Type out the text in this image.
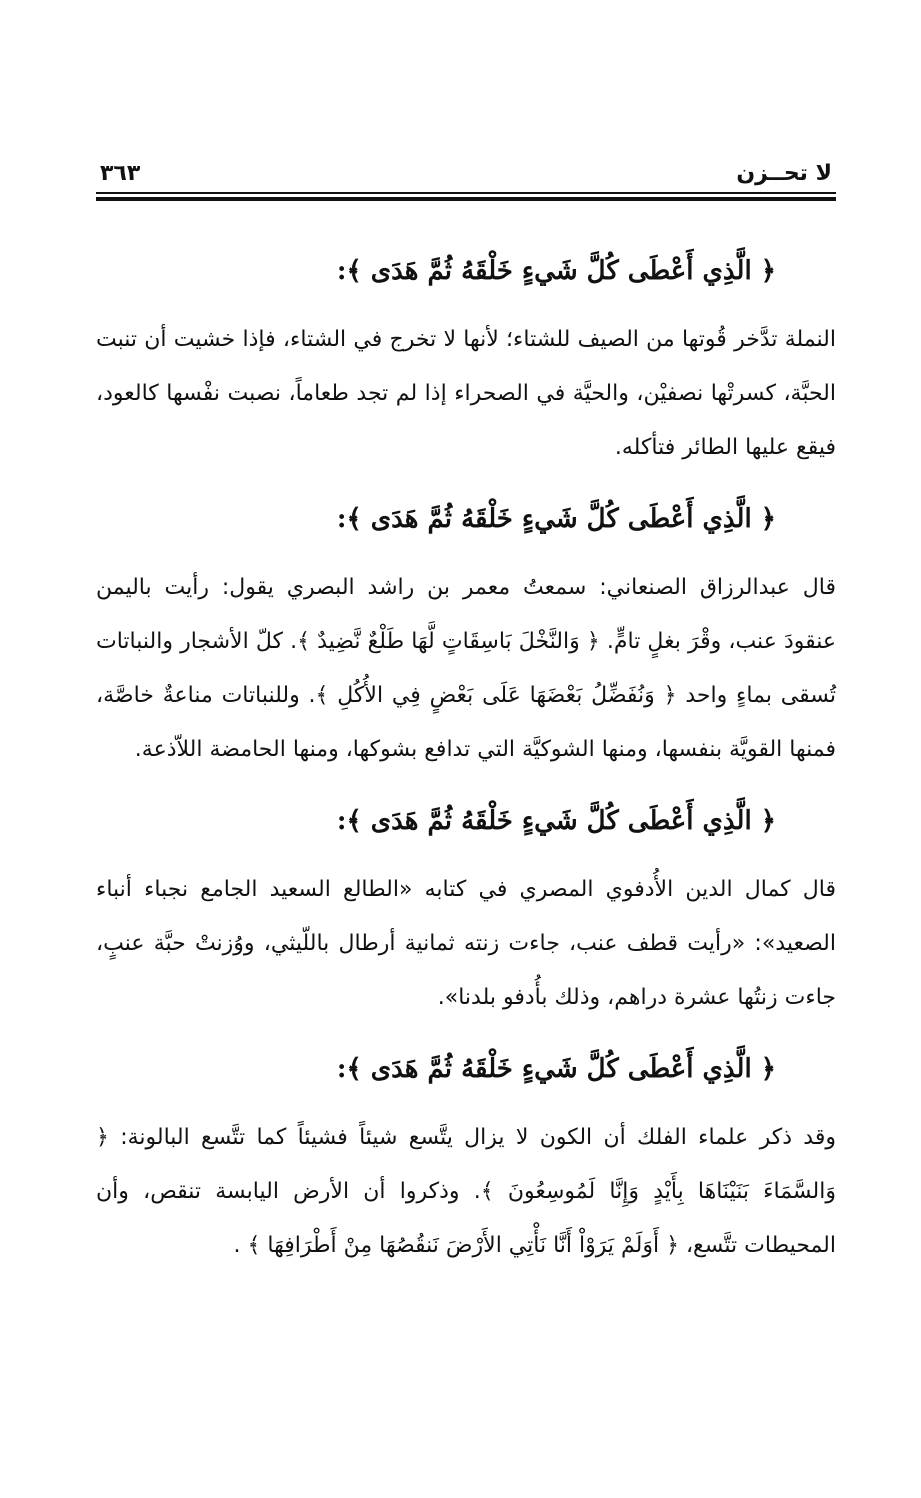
لا تحــزن
٣٦٣
﴿ الَّذِي أَعْطَى كُلَّ شَيءٍ خَلْقَهُ ثُمَّ هَدَى ﴾:

النملة تدَّخر قُوتها من الصيف للشتاء؛ لأنها لا تخرج في الشتاء، فإذا خشيت أن تنبت الحبَّة، كسرتْها نصفيْن، والحيَّة في الصحراء إذا لم تجد طعاماً، نصبت نفْسها كالعود، فيقع عليها الطائر فتأكله.

﴿ الَّذِي أَعْطَى كُلَّ شَيءٍ خَلْقَهُ ثُمَّ هَدَى ﴾:

قال عبدالرزاق الصنعاني: سمعتُ معمر بن راشد البصري يقول: رأيت باليمن عنقودَ عنب، وقْرَ بغلٍ تامٍّ. ﴿ وَالنَّخْلَ بَاسِقَاتٍ لَّهَا طَلْعٌ نَّضِيدٌ ﴾. كلّ الأشجار والنباتات تُسقى بماءٍ واحد ﴿ وَنُفَضِّلُ بَعْضَهَا عَلَى بَعْضٍ فِي الأُكُلِ ﴾. وللنباتات مناعةٌ خاصَّة، فمنها القويَّة بنفسها، ومنها الشوكيَّة التي تدافع بشوكها، ومنها الحامضة اللاّذعة.

﴿ الَّذِي أَعْطَى كُلَّ شَيءٍ خَلْقَهُ ثُمَّ هَدَى ﴾:

قال كمال الدين الأُدفوي المصري في كتابه «الطالع السعيد الجامع نجباء أنباء الصعيد»: «رأيت قطف عنب، جاءت زنته ثمانية أرطال باللّيثي، ووُزنتْ حبَّة عنبٍ، جاءت زنتُها عشرة دراهم، وذلك بأُدفو بلدنا».

﴿ الَّذِي أَعْطَى كُلَّ شَيءٍ خَلْقَهُ ثُمَّ هَدَى ﴾:

وقد ذكر علماء الفلك أن الكون لا يزال يتَّسع شيئاً فشيئاً كما تتَّسع البالونة: ﴿ وَالسَّمَاءَ بَنَيْنَاهَا بِأَيْدٍ وَإِنَّا لَمُوسِعُونَ ﴾. وذكروا أن الأرض اليابسة تنقص، وأن المحيطات تتَّسع، ﴿ أَوَلَمْ يَرَوْاْ أَنَّا نَأْتِي الأَرْضَ نَنقُصُهَا مِنْ أَطْرَافِهَا ﴾ .
